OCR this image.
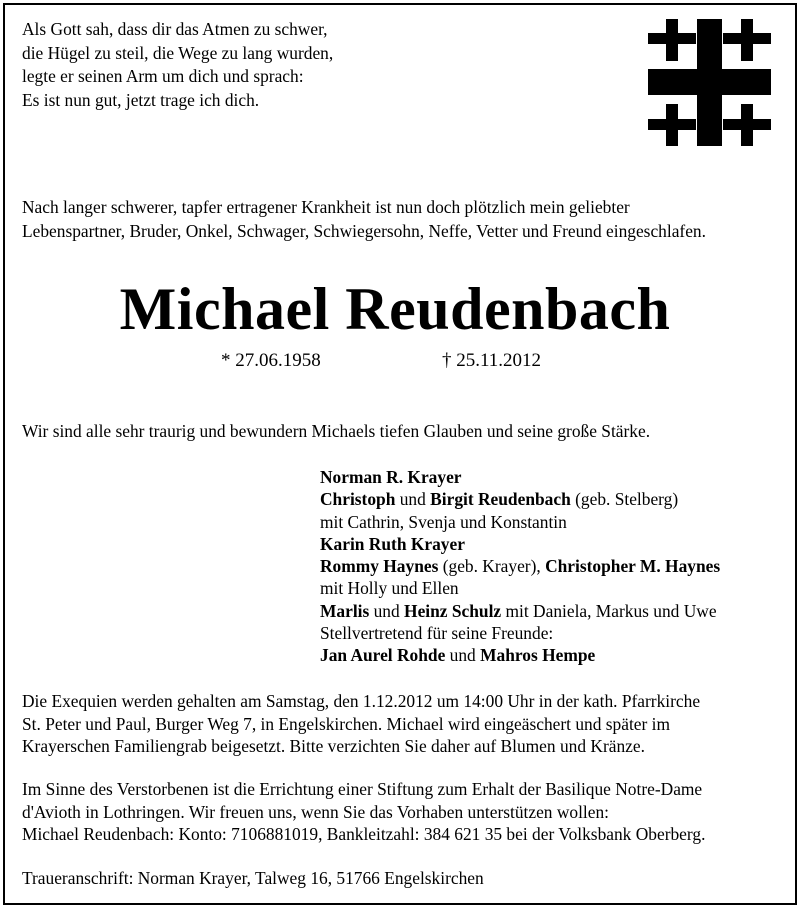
Als Gott sah, dass dir das Atmen zu schwer,
die Hügel zu steil, die Wege zu lang wurden,
legte er seinen Arm um dich und sprach:
Es ist nun gut, jetzt trage ich dich.
Nach langer schwerer, tapfer ertragener Krankheit ist nun doch plötzlich mein geliebter
Lebenspartner, Bruder, Onkel, Schwager, Schwiegersohn, Neffe, Vetter und Freund eingeschlafen.
Michael Reudenbach
* 27.06.1958	† 25.11.2012
Wir sind alle sehr traurig und bewundern Michaels tiefen Glauben und seine große Stärke.
Norman R. Krayer
Christoph und Birgit Reudenbach (geb. Stelberg)
mit Cathrin, Svenja und Konstantin
Karin Ruth Krayer
Rommy Haynes (geb. Krayer), Christopher M. Haynes
mit Holly und Ellen
Marlis und Heinz Schulz mit Daniela, Markus und Uwe
Stellvertretend für seine Freunde:
Jan Aurel Rohde und Mahros Hempe
Die Exequien werden gehalten am Samstag, den 1.12.2012 um 14:00 Uhr in der kath. Pfarrkirche
St. Peter und Paul, Burger Weg 7, in Engelskirchen. Michael wird eingeäschert und später im
Krayerschen Familiengrab beigesetzt. Bitte verzichten Sie daher auf Blumen und Kränze.
Im Sinne des Verstorbenen ist die Errichtung einer Stiftung zum Erhalt der Basilique Notre-Dame
d'Avioth in Lothringen. Wir freuen uns, wenn Sie das Vorhaben unterstützen wollen:
Michael Reudenbach: Konto: 7106881019, Bankleitzahl: 384 621 35 bei der Volksbank Oberberg.
Traueranschrift: Norman Krayer, Talweg 16, 51766 Engelskirchen
